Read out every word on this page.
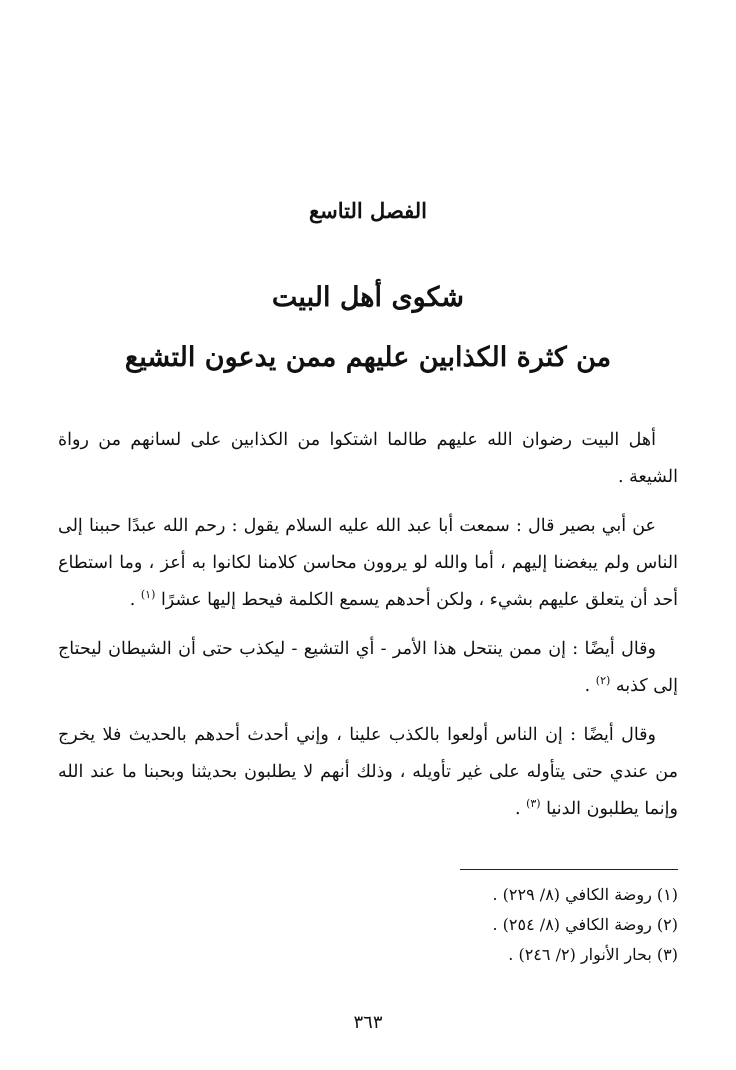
الفصل التاسع
شكوى أهل البيت
من كثرة الكذابين عليهم ممن يدعون التشيع

أهل البيت رضوان الله عليهم طالما اشتكوا من الكذابين على لسانهم من رواة الشيعة .

عن أبي بصير قال : سمعت أبا عبد الله عليه السلام يقول : رحم الله عبدًا حببنا إلى الناس ولم يبغضنا إليهم ، أما والله لو يروون محاسن كلامنا لكانوا به أعز ، وما استطاع أحد أن يتعلق عليهم بشيء ، ولكن أحدهم يسمع الكلمة فيحط إليها عشرًا $^{(١)}$ .

وقال أيضًا : إن ممن ينتحل هذا الأمر - أي التشيع - ليكذب حتى أن الشيطان ليحتاج إلى كذبه $^{(٢)}$ .

وقال أيضًا : إن الناس أولعوا بالكذب علينا ، وإني أحدث أحدهم بالحديث فلا يخرج من عندي حتى يتأوله على غير تأويله ، وذلك أنهم لا يطلبون بحديثنا وبحبنا ما عند الله وإنما يطلبون الدنيا $^{(٣)}$ .

(١) روضة الكافي (٨/ ٢٢٩) .
(٢) روضة الكافي (٨/ ٢٥٤) .
(٣) بحار الأنوار (٢/ ٢٤٦) .
٣٦٣
